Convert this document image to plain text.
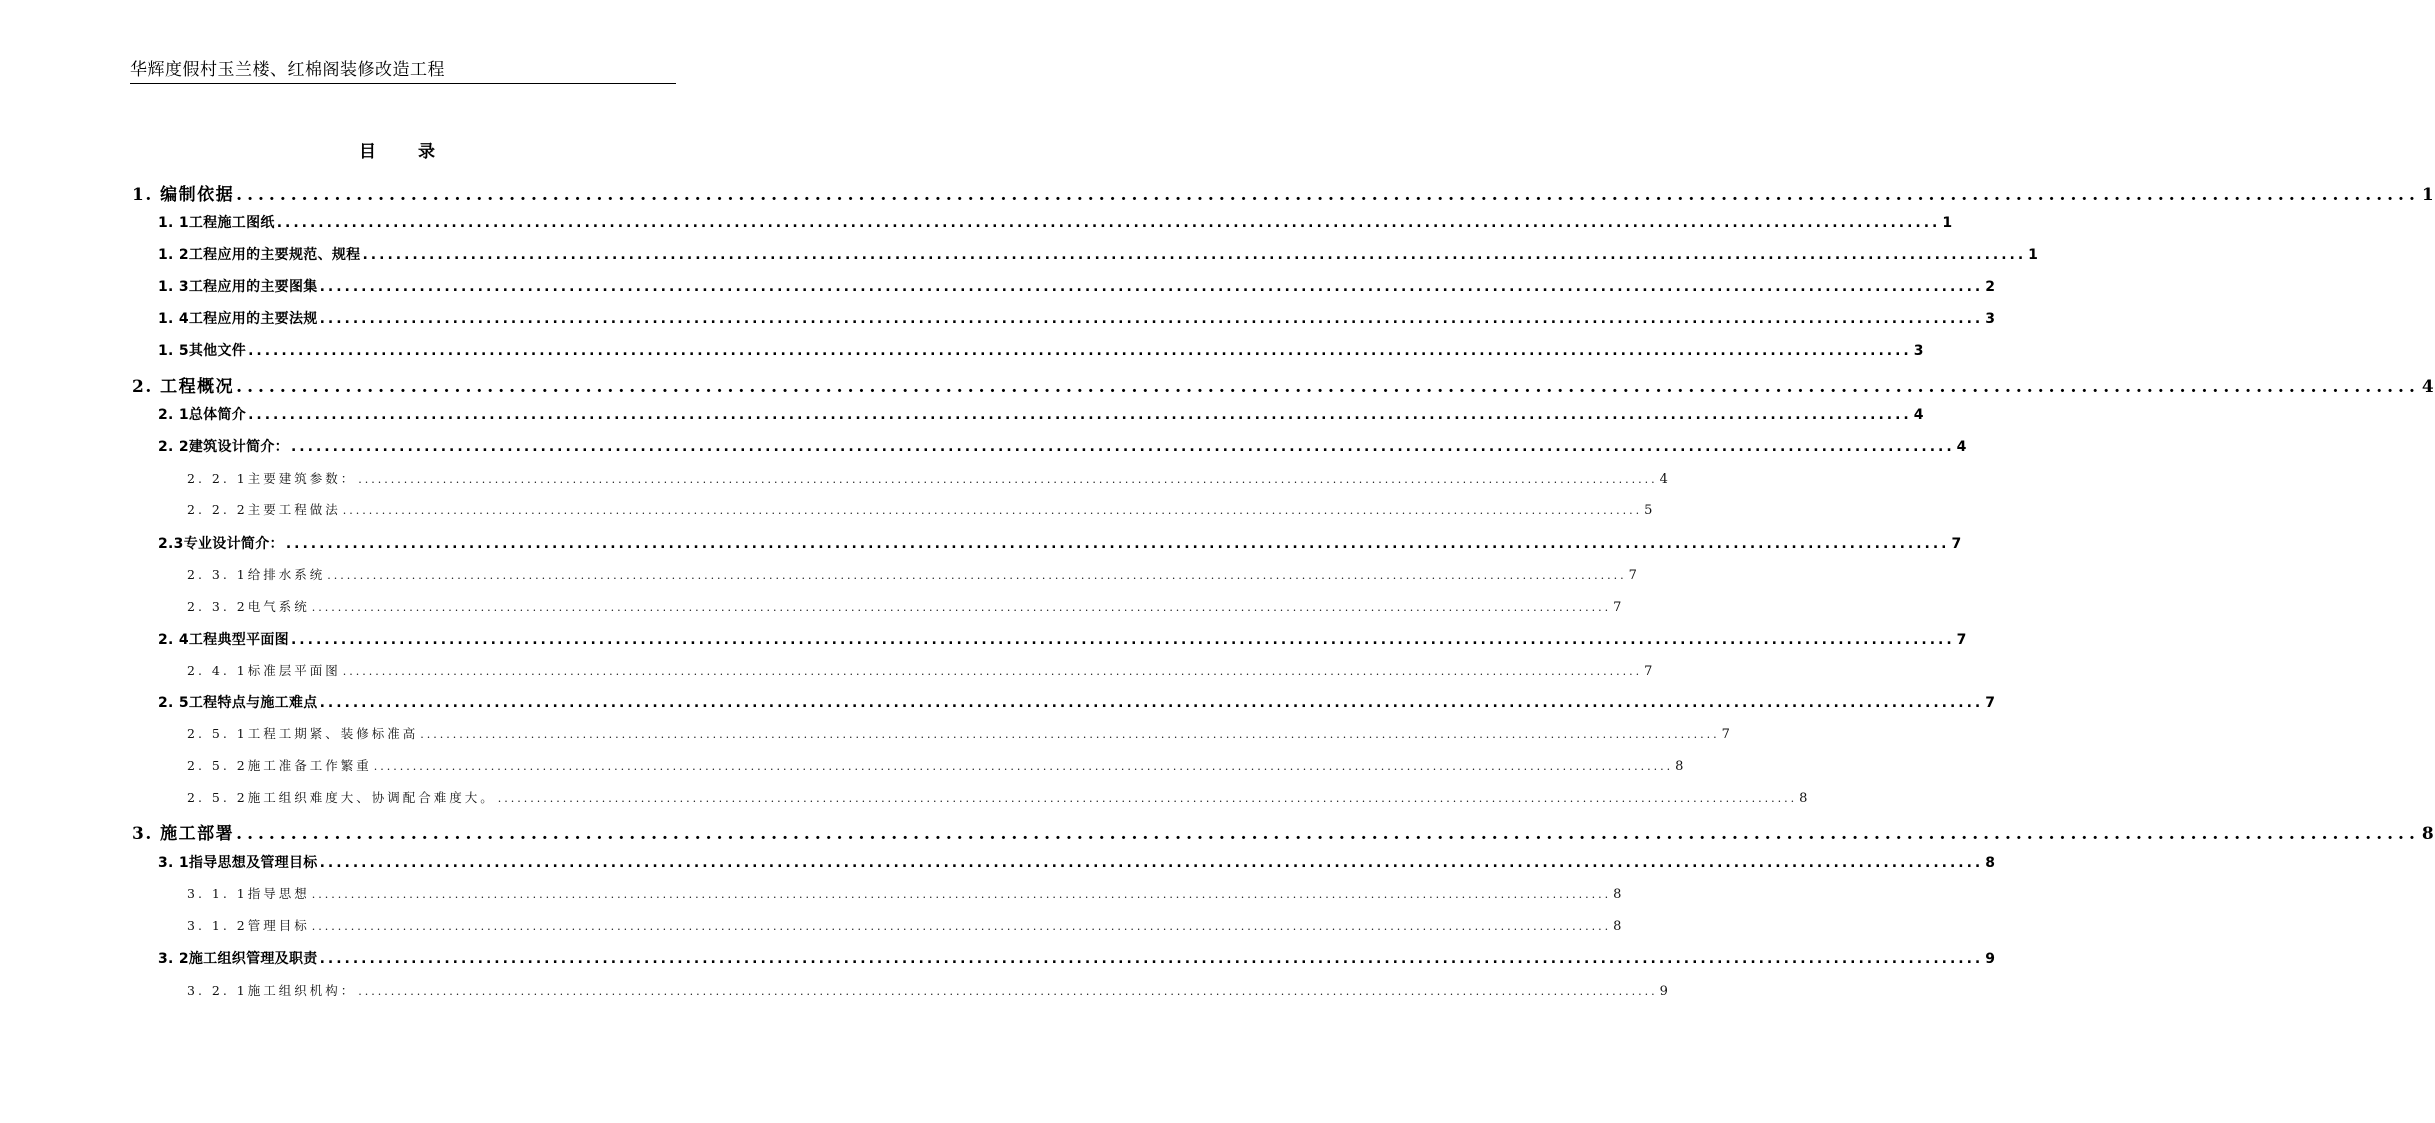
华辉度假村玉兰楼、红棉阁装修改造工程
目 录
1. 编制依据 ........................................................................................................................................................................................................ 1
1. 1工程施工图纸 ........................................................................................................................................................................................................ 1
1. 2工程应用的主要规范、规程 ........................................................................................................................................................................................................ 1
1. 3工程应用的主要图集 ........................................................................................................................................................................................................ 2
1. 4工程应用的主要法规 ........................................................................................................................................................................................................ 3
1. 5其他文件 ........................................................................................................................................................................................................ 3
2. 工程概况 ........................................................................................................................................................................................................ 4
2. 1总体简介 ........................................................................................................................................................................................................ 4
2. 2建筑设计简介： ........................................................................................................................................................................................................ 4
2. 2. 1主要建筑参数： ........................................................................................................................................................................................................ 4
2. 2. 2主要工程做法 ........................................................................................................................................................................................................ 5
2.3专业设计简介： ........................................................................................................................................................................................................ 7
2. 3. 1给排水系统 ........................................................................................................................................................................................................ 7
2. 3. 2电气系统 ........................................................................................................................................................................................................ 7
2. 4工程典型平面图 ........................................................................................................................................................................................................ 7
2. 4. 1标准层平面图 ........................................................................................................................................................................................................ 7
2. 5工程特点与施工难点 ........................................................................................................................................................................................................ 7
2. 5. 1工程工期紧、装修标准高 ........................................................................................................................................................................................................ 7
2. 5. 2施工准备工作繁重 ........................................................................................................................................................................................................ 8
2. 5. 2施工组织难度大、协调配合难度大。 ........................................................................................................................................................................................................ 8
3. 施工部署 ........................................................................................................................................................................................................ 8
3. 1指导思想及管理目标 ........................................................................................................................................................................................................ 8
3. 1. 1指导思想 ........................................................................................................................................................................................................ 8
3. 1. 2管理目标 ........................................................................................................................................................................................................ 8
3. 2施工组织管理及职责 ........................................................................................................................................................................................................ 9
3. 2. 1施工组织机构： ........................................................................................................................................................................................................ 9
